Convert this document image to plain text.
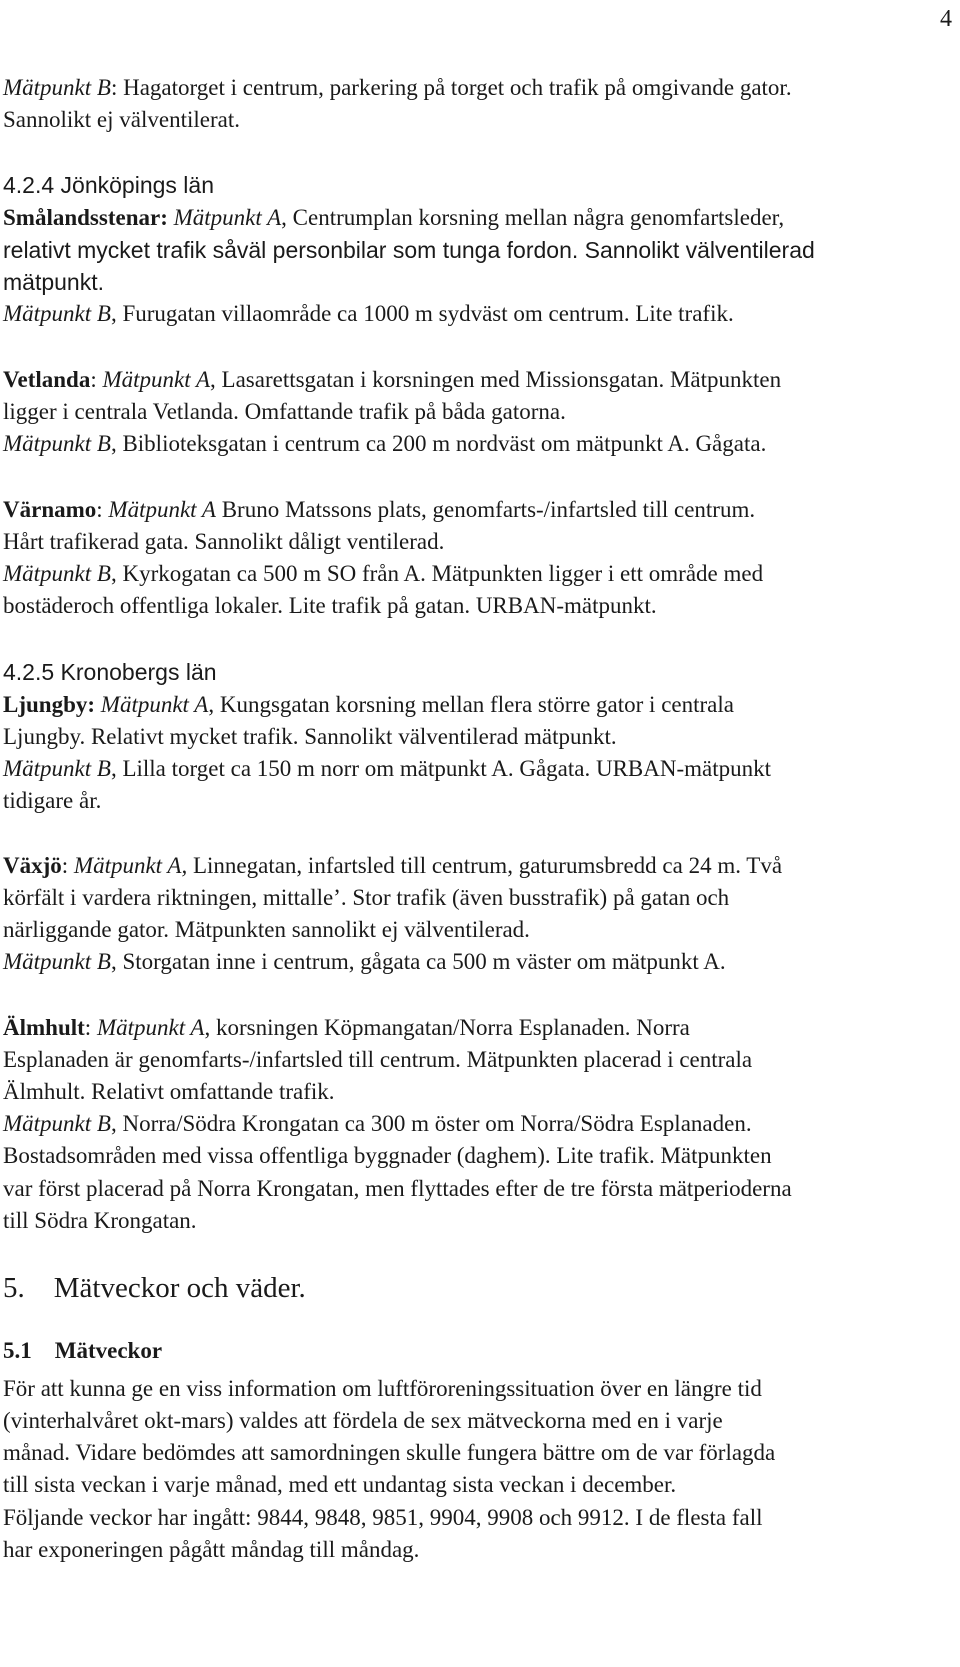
4
Mätpunkt B: Hagatorget i centrum, parkering på torget och trafik på omgivande gator.
Sannolikt ej välventilerat.
4.2.4 Jönköpings län
Smålandsstenar: Mätpunkt A, Centrumplan korsning mellan några genomfartsleder,
relativt mycket trafik såväl personbilar som tunga fordon. Sannolikt välventilerad
mätpunkt.
Mätpunkt B, Furugatan villaområde ca 1000 m sydväst om centrum. Lite trafik.
Vetlanda: Mätpunkt A, Lasarettsgatan i korsningen med Missionsgatan. Mätpunkten
ligger i centrala Vetlanda. Omfattande trafik på båda gatorna.
Mätpunkt B, Biblioteksgatan i centrum ca 200 m nordväst om mätpunkt A. Gågata.
Värnamo: Mätpunkt A Bruno Matssons plats, genomfarts-/infartsled till centrum.
Hårt trafikerad gata. Sannolikt dåligt ventilerad.
Mätpunkt B, Kyrkogatan ca 500 m SO från A. Mätpunkten ligger i ett område med
bostäderoch offentliga lokaler. Lite trafik på gatan. URBAN-mätpunkt.
4.2.5 Kronobergs län
Ljungby: Mätpunkt A, Kungsgatan korsning mellan flera större gator i centrala
Ljungby. Relativt mycket trafik. Sannolikt välventilerad mätpunkt.
Mätpunkt B, Lilla torget ca 150 m norr om mätpunkt A. Gågata. URBAN-mätpunkt
tidigare år.
Växjö: Mätpunkt A, Linnegatan, infartsled till centrum, gaturumsbredd ca 24 m. Två
körfält i vardera riktningen, mittalle’. Stor trafik (även busstrafik) på gatan och
närliggande gator. Mätpunkten sannolikt ej välventilerad.
Mätpunkt B, Storgatan inne i centrum, gågata ca 500 m väster om mätpunkt A.
Älmhult: Mätpunkt A, korsningen Köpmangatan/Norra Esplanaden. Norra
Esplanaden är genomfarts-/infartsled till centrum. Mätpunkten placerad i centrala
Älmhult. Relativt omfattande trafik.
Mätpunkt B, Norra/Södra Krongatan ca 300 m öster om Norra/Södra Esplanaden.
Bostadsområden med vissa offentliga byggnader (daghem). Lite trafik. Mätpunkten
var först placerad på Norra Krongatan, men flyttades efter de tre första mätperioderna
till Södra Krongatan.
5.    Mätveckor och väder.
5.1    Mätveckor
För att kunna ge en viss information om luftföroreningssituation över en längre tid
(vinterhalvåret okt-mars) valdes att fördela de sex mätveckorna med en i varje
månad. Vidare bedömdes att samordningen skulle fungera bättre om de var förlagda
till sista veckan i varje månad, med ett undantag sista veckan i december.
Följande veckor har ingått: 9844, 9848, 9851, 9904, 9908 och 9912. I de flesta fall
har exponeringen pågått måndag till måndag.
